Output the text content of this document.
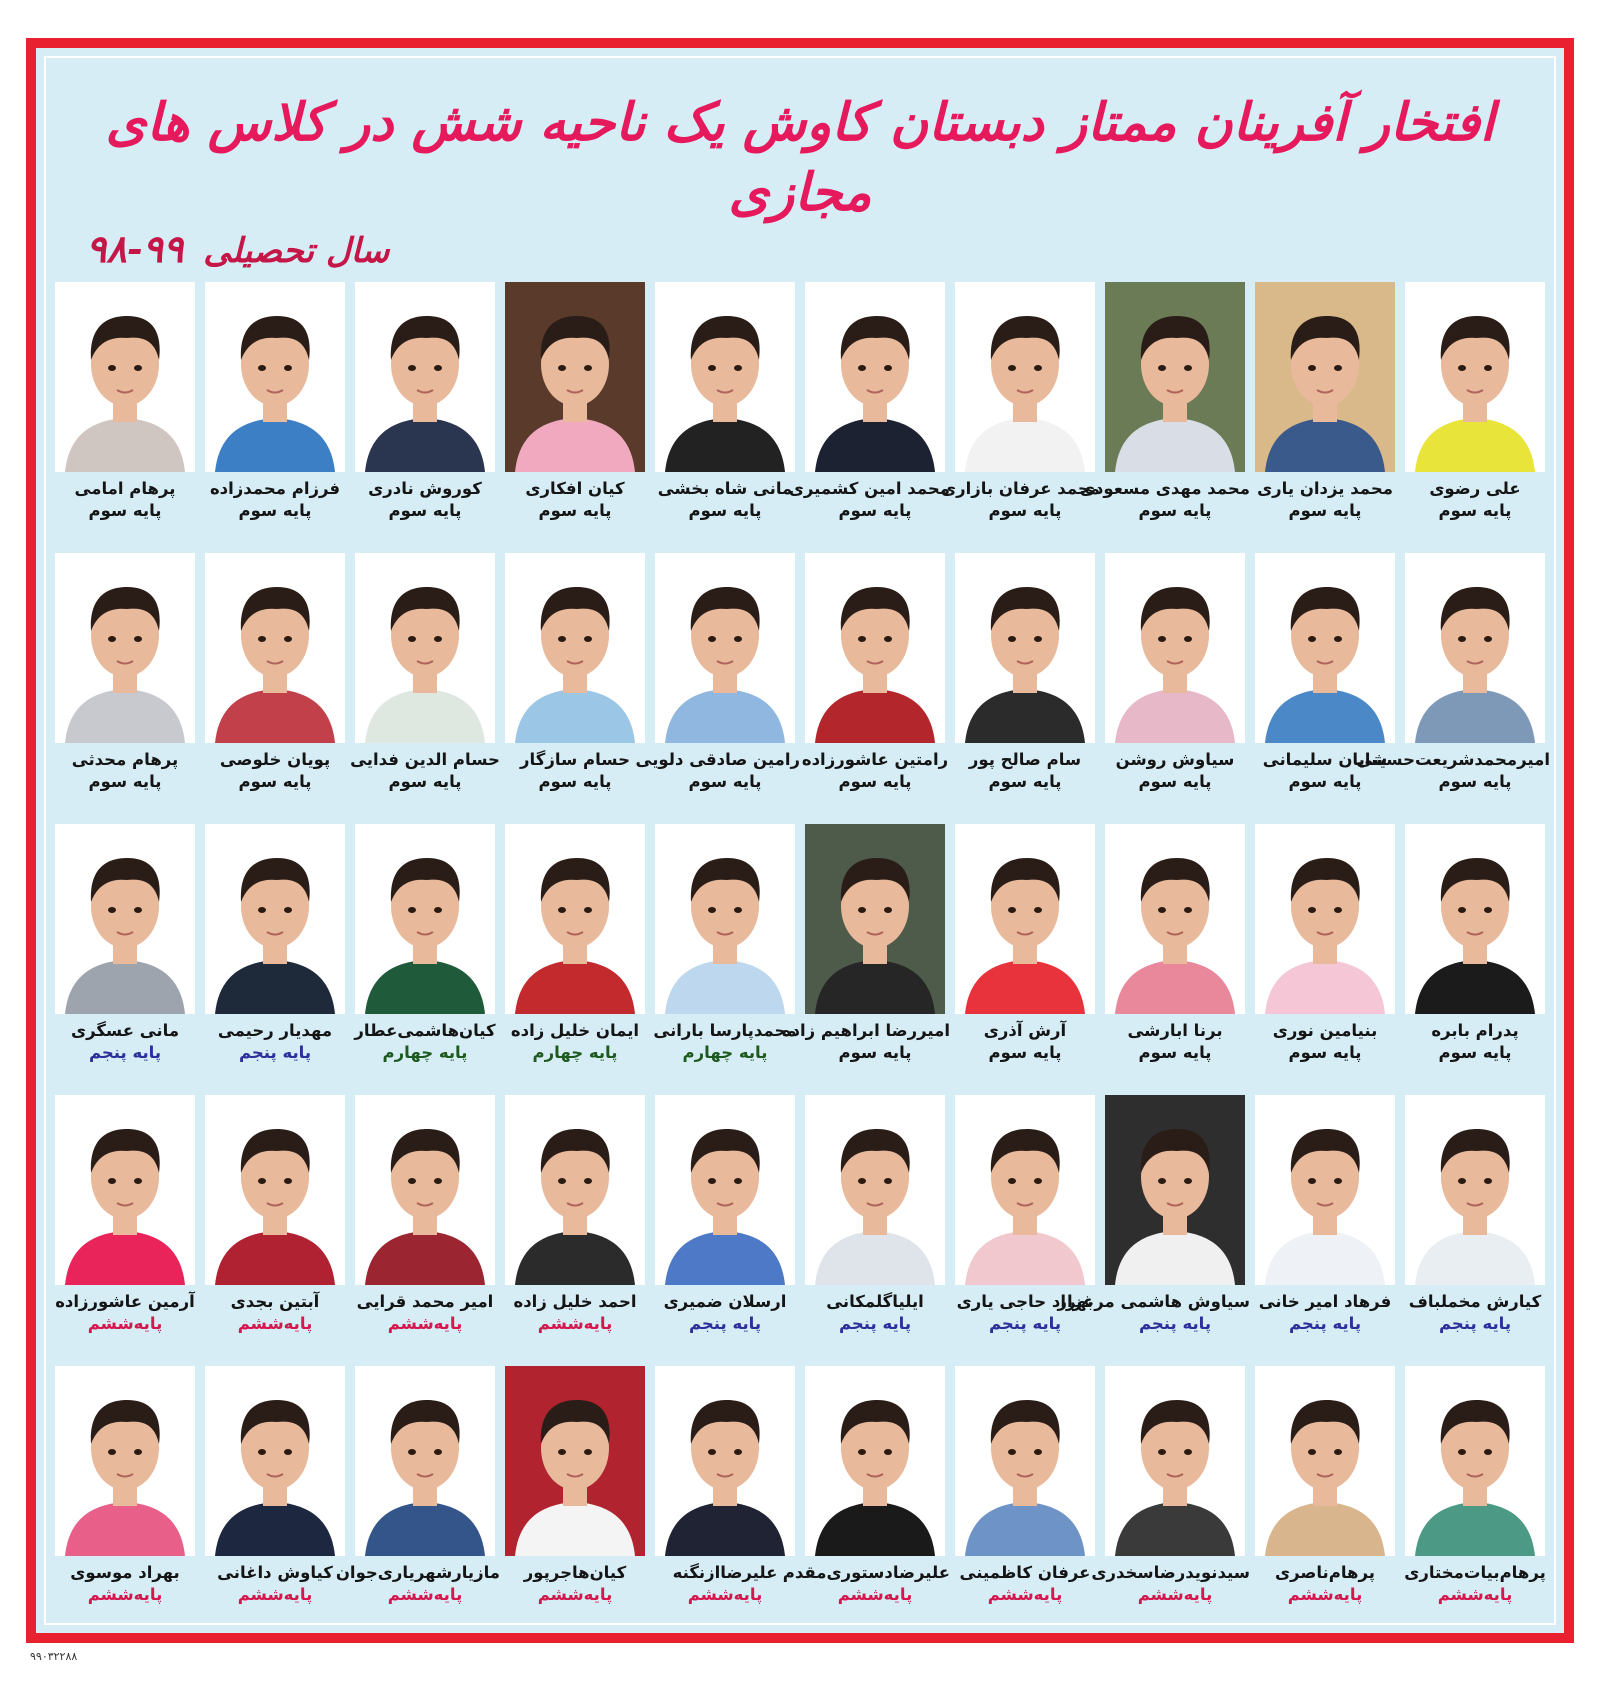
افتخار آفرینان ممتاز دبستان کاوش یک ناحیه شش در کلاس های مجازی
سال تحصیلی ۹۹-۹۸
علی رضوی
پایه سوم
محمد یزدان یاری
پایه سوم
محمد مهدی مسعودی
پایه سوم
محمد عرفان بازاری
پایه سوم
محمد امین کشمیری
پایه سوم
مانی شاه بخشی
پایه سوم
کیان افکاری
پایه سوم
کوروش نادری
پایه سوم
فرزام محمدزاده
پایه سوم
پرهام امامی
پایه سوم
امیرمحمدشریعت‌حسینی
پایه سوم
شایان سلیمانی
پایه سوم
سیاوش روشن
پایه سوم
سام صالح پور
پایه سوم
رامتین عاشورزاده
پایه سوم
رامین صادقی دلویی
پایه سوم
حسام سازگار
پایه سوم
حسام الدین فدایی
پایه سوم
پویان خلوصی
پایه سوم
پرهام محدثی
پایه سوم
پدرام بابره
پایه سوم
بنیامین نوری
پایه سوم
برنا ابارشی
پایه سوم
آرش آذری
پایه سوم
امیررضا ابراهیم زاده
پایه سوم
محمدپارسا بارانی
پایه چهارم
ایمان خلیل زاده
پایه چهارم
کیان‌هاشمی‌عطار
پایه چهارم
مهدیار رحیمی
پایه پنجم
مانی عسگری
پایه پنجم
کیارش مخملباف
پایه پنجم
فرهاد امیر خانی
پایه پنجم
سیاوش هاشمی مرغزار
پایه پنجم
بهراد حاجی یاری
پایه پنجم
ایلیاگلمکانی
پایه پنجم
ارسلان ضمیری
پایه پنجم
احمد خلیل زاده
پایه‌ششم
امیر محمد قرایی
پایه‌ششم
آبتین بجدی
پایه‌ششم
آرمین عاشورزاده
پایه‌ششم
پرهام‌بیات‌مختاری
پایه‌ششم
پرهام‌ناصری
پایه‌ششم
سیدنویدرضاسخدری
پایه‌ششم
عرفان کاظمینی
پایه‌ششم
علیرضادستوری‌مقدم
پایه‌ششم
علیرضاازنگنه
پایه‌ششم
کیان‌هاجرپور
پایه‌ششم
مازیارشهریاری‌جوان
پایه‌ششم
کیاوش داغانی
پایه‌ششم
بهراد موسوی
پایه‌ششم
۹۹۰۳۲۲۸۸
